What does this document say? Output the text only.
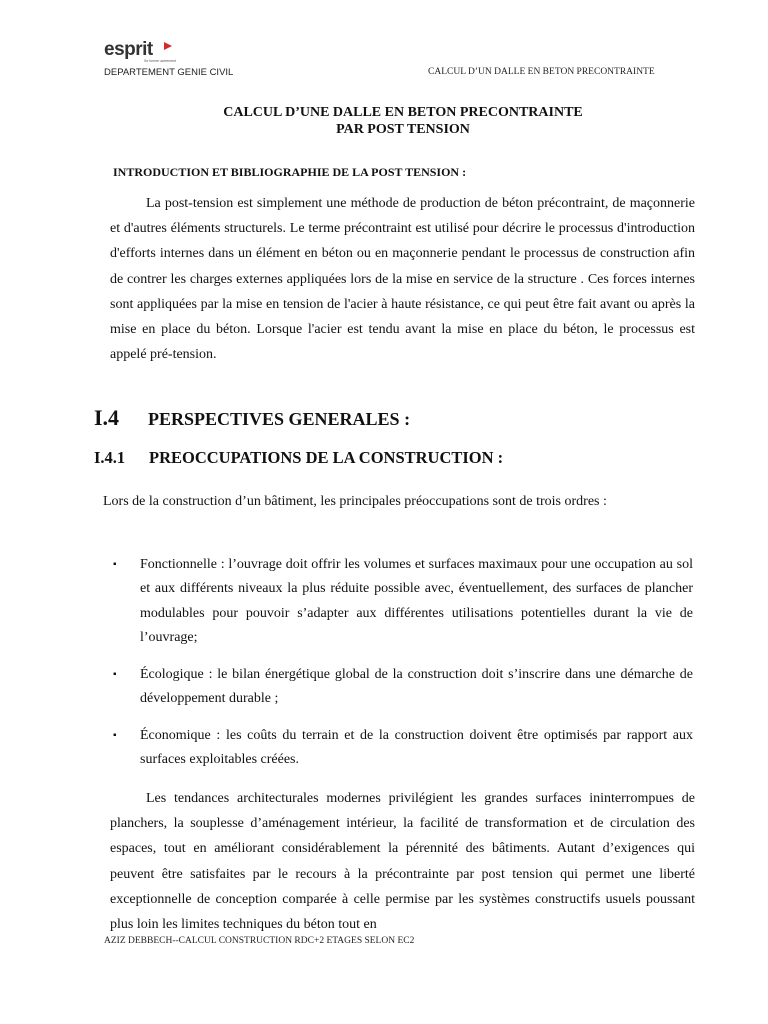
esprit
Se former autrement
DEPARTEMENT GENIE CIVIL	CALCUL D’UN DALLE EN BETON PRECONTRAINTE
CALCUL D’UNE DALLE EN BETON PRECONTRAINTE
PAR POST TENSION
INTRODUCTION ET BIBLIOGRAPHIE DE LA POST TENSION :
La post-tension est simplement une méthode de production de béton précontraint, de maçonnerie et d'autres éléments structurels. Le terme précontraint est utilisé pour décrire le processus d'introduction d'efforts internes dans un élément en béton ou en maçonnerie pendant le processus de construction afin de contrer les charges externes appliquées lors de la mise en service de la structure . Ces forces internes sont appliquées par la mise en tension de l'acier à haute résistance, ce qui peut être fait avant ou après la mise en place du béton. Lorsque l'acier est tendu avant la mise en place du béton, le processus est appelé pré-tension.
I.4 PERSPECTIVES GENERALES :
I.4.1 PREOCCUPATIONS DE LA CONSTRUCTION :
Lors de la construction d’un bâtiment, les principales préoccupations sont de trois ordres :
▪ Fonctionnelle : l’ouvrage doit offrir les volumes et surfaces maximaux pour une occupation au sol et aux différents niveaux la plus réduite possible avec, éventuellement, des surfaces de plancher modulables pour pouvoir s’adapter aux différentes utilisations potentielles durant la vie de l’ouvrage;
▪ Écologique : le bilan énergétique global de la construction doit s’inscrire dans une démarche de développement durable ;
▪ Économique : les coûts du terrain et de la construction doivent être optimisés par rapport aux surfaces exploitables créées.
Les tendances architecturales modernes privilégient les grandes surfaces ininterrompues de planchers, la souplesse d’aménagement intérieur, la facilité de transformation et de circulation des espaces, tout en améliorant considérablement la pérennité des bâtiments. Autant d’exigences qui peuvent être satisfaites par le recours à la précontrainte par post tension qui permet une liberté exceptionnelle de conception comparée à celle permise par les systèmes constructifs usuels poussant plus loin les limites techniques du béton tout en
AZIZ DEBBECH--CALCUL CONSTRUCTION RDC+2 ETAGES SELON EC2
